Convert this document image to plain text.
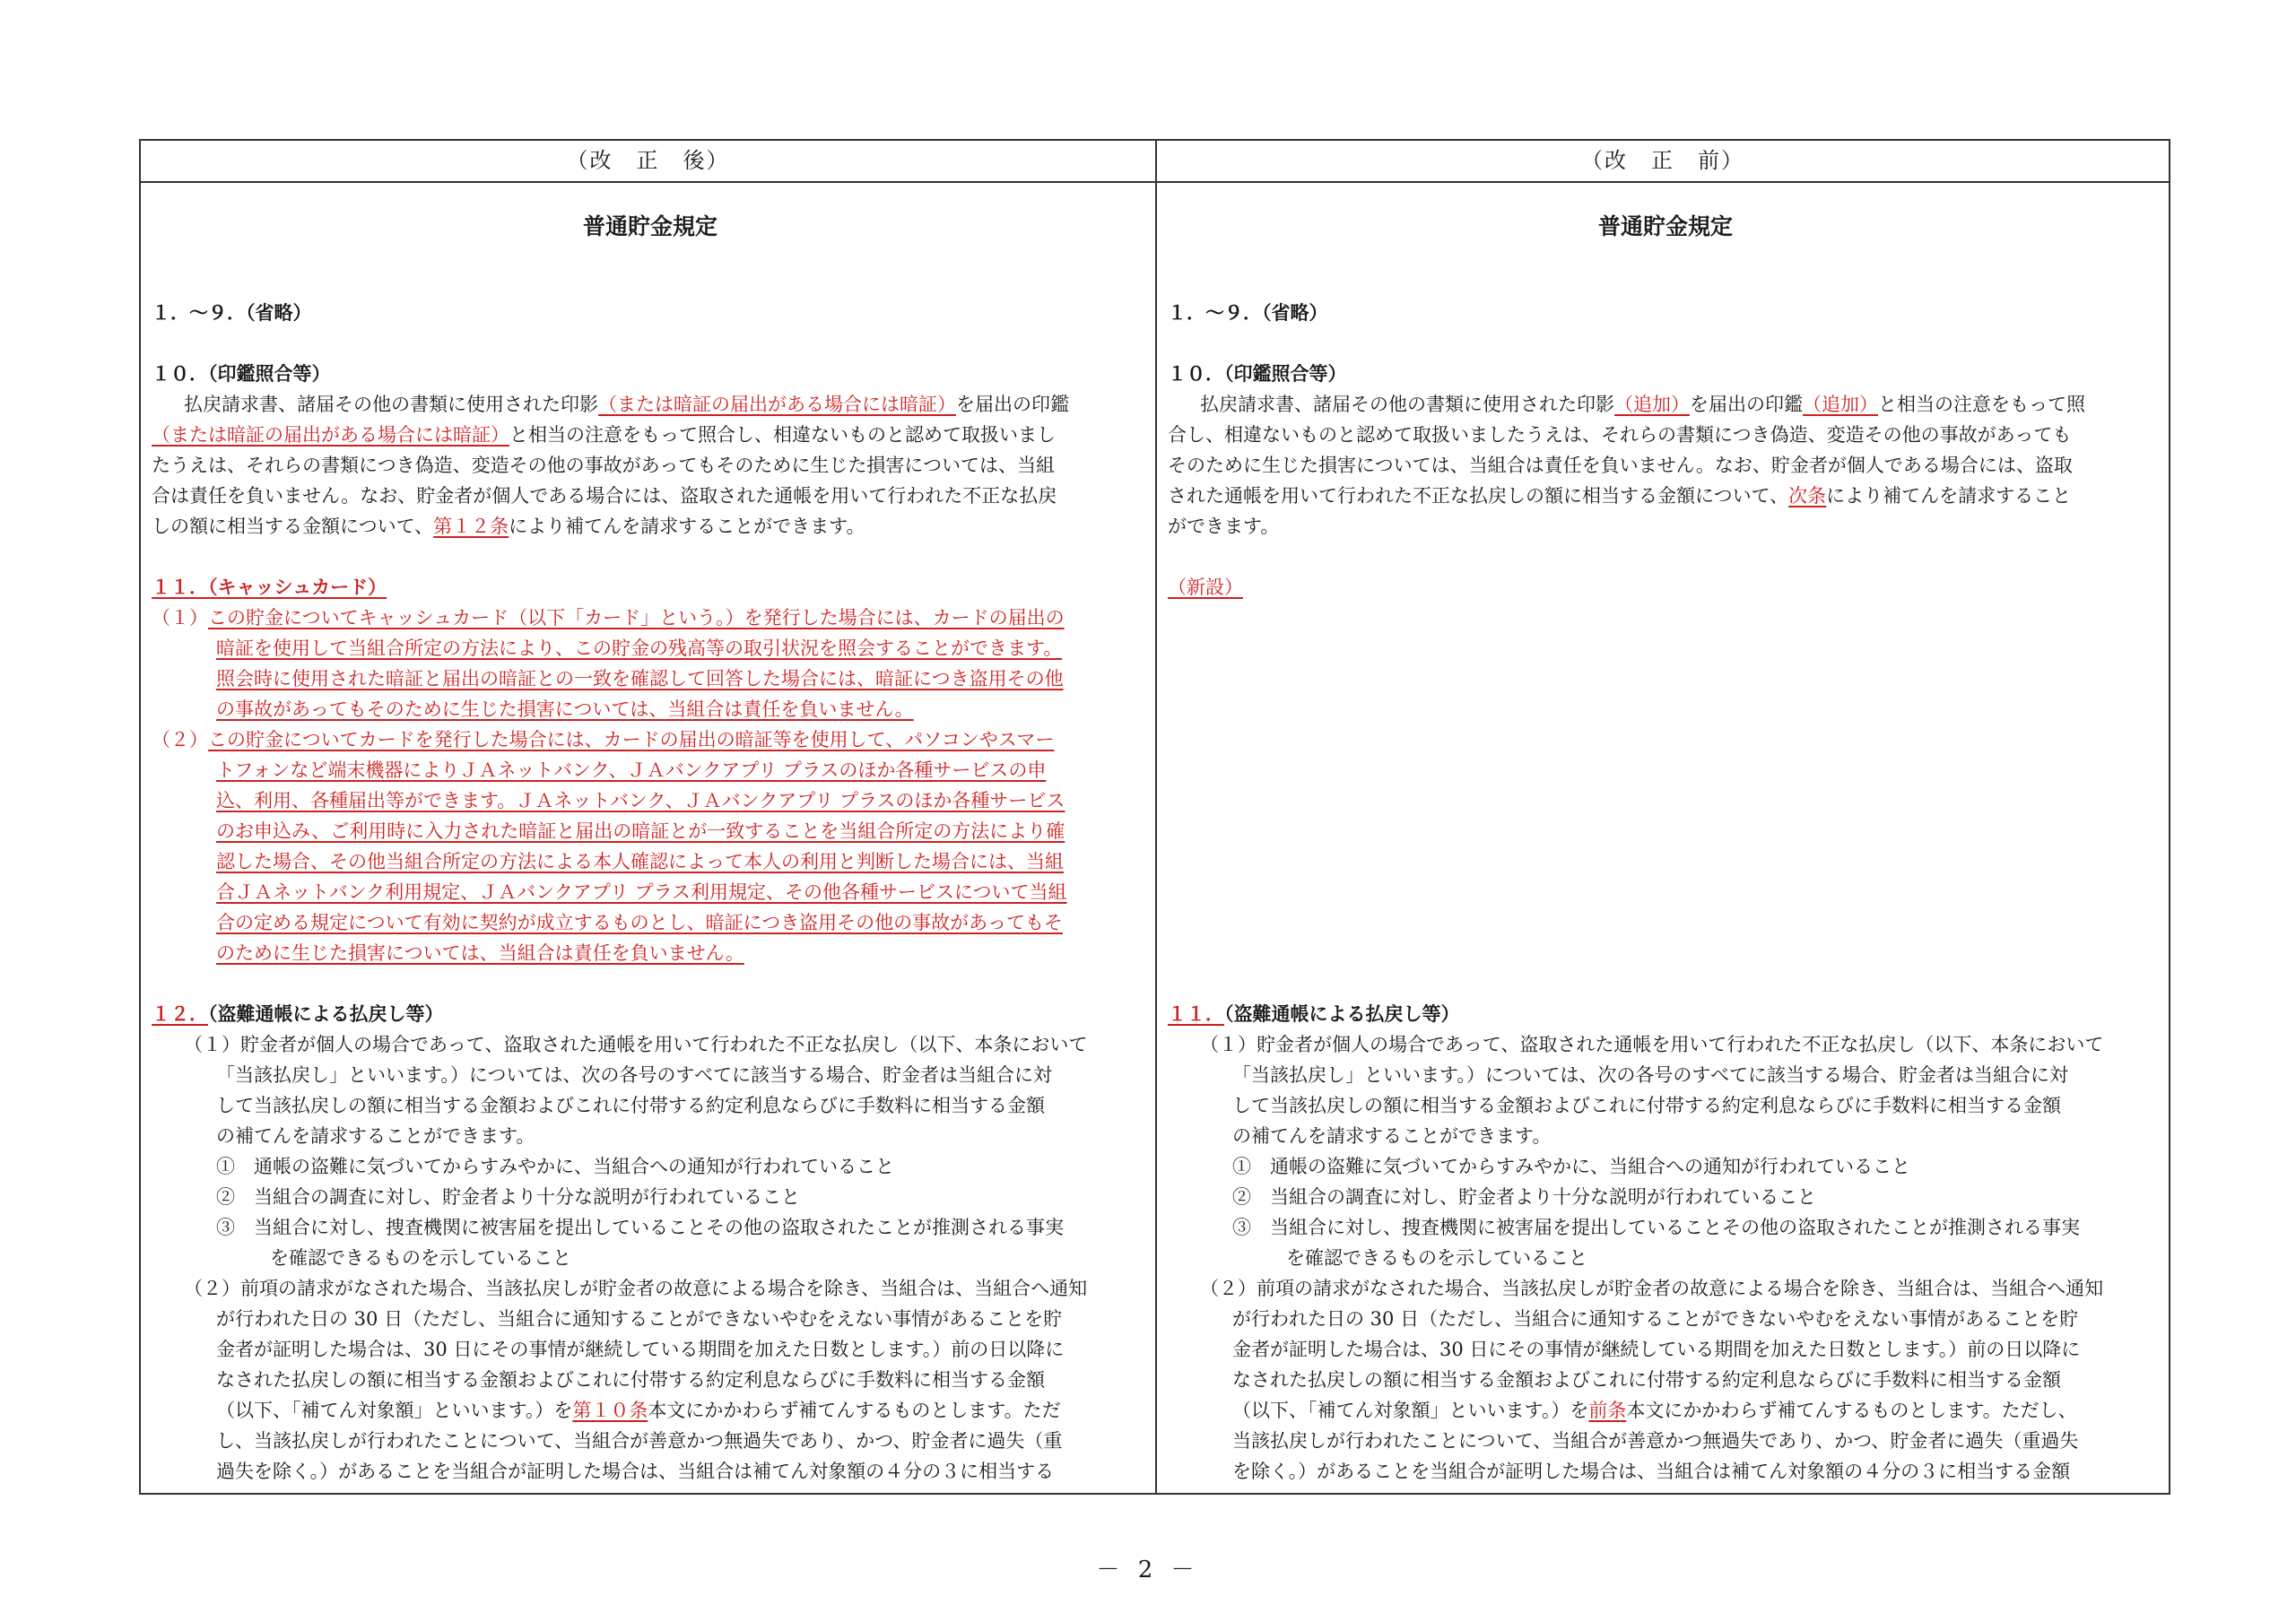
（改　正　後）	（改　正　前）
普通貯金規定
１．～９．（省略）
１０．（印鑑照合等）
払戻請求書、諸届その他の書類に使用された印影（または暗証の届出がある場合には暗証）を届出の印鑑
（または暗証の届出がある場合には暗証）と相当の注意をもって照合し、相違ないものと認めて取扱いまし
たうえは、それらの書類につき偽造、変造その他の事故があってもそのために生じた損害については、当組
合は責任を負いません。なお、貯金者が個人である場合には、盗取された通帳を用いて行われた不正な払戻
しの額に相当する金額について、第１２条により補てんを請求することができます。
１１．（キャッシュカード）
（１）この貯金についてキャッシュカード（以下「カード」という。）を発行した場合には、カードの届出の
暗証を使用して当組合所定の方法により、この貯金の残高等の取引状況を照会することができます。
照会時に使用された暗証と届出の暗証との一致を確認して回答した場合には、暗証につき盗用その他
の事故があってもそのために生じた損害については、当組合は責任を負いません。
（２）この貯金についてカードを発行した場合には、カードの届出の暗証等を使用して、パソコンやスマー
トフォンなど端末機器によりＪＡネットバンク、ＪＡバンクアプリ プラスのほか各種サービスの申
込、利用、各種届出等ができます。ＪＡネットバンク、ＪＡバンクアプリ プラスのほか各種サービス
のお申込み、ご利用時に入力された暗証と届出の暗証とが一致することを当組合所定の方法により確
認した場合、その他当組合所定の方法による本人確認によって本人の利用と判断した場合には、当組
合ＪＡネットバンク利用規定、ＪＡバンクアプリ プラス利用規定、その他各種サービスについて当組
合の定める規定について有効に契約が成立するものとし、暗証につき盗用その他の事故があってもそ
のために生じた損害については、当組合は責任を負いません。
１２．（盗難通帳による払戻し等）
（１）貯金者が個人の場合であって、盗取された通帳を用いて行われた不正な払戻し（以下、本条において
「当該払戻し」といいます。）については、次の各号のすべてに該当する場合、貯金者は当組合に対
して当該払戻しの額に相当する金額およびこれに付帯する約定利息ならびに手数料に相当する金額
の補てんを請求することができます。
①　通帳の盗難に気づいてからすみやかに、当組合への通知が行われていること
②　当組合の調査に対し、貯金者より十分な説明が行われていること
③　当組合に対し、捜査機関に被害届を提出していることその他の盗取されたことが推測される事実
を確認できるものを示していること
（２）前項の請求がなされた場合、当該払戻しが貯金者の故意による場合を除き、当組合は、当組合へ通知
が行われた日の 30 日（ただし、当組合に通知することができないやむをえない事情があることを貯
金者が証明した場合は、30 日にその事情が継続している期間を加えた日数とします。）前の日以降に
なされた払戻しの額に相当する金額およびこれに付帯する約定利息ならびに手数料に相当する金額
（以下、「補てん対象額」といいます。）を第１０条本文にかかわらず補てんするものとします。ただ
し、当該払戻しが行われたことについて、当組合が善意かつ無過失であり、かつ、貯金者に過失（重
過失を除く。）があることを当組合が証明した場合は、当組合は補てん対象額の４分の３に相当する
普通貯金規定
１．～９．（省略）
１０．（印鑑照合等）
払戻請求書、諸届その他の書類に使用された印影（追加）を届出の印鑑（追加）と相当の注意をもって照
合し、相違ないものと認めて取扱いましたうえは、それらの書類につき偽造、変造その他の事故があっても
そのために生じた損害については、当組合は責任を負いません。なお、貯金者が個人である場合には、盗取
された通帳を用いて行われた不正な払戻しの額に相当する金額について、次条により補てんを請求すること
ができます。
（新設）
１１．（盗難通帳による払戻し等）
（１）貯金者が個人の場合であって、盗取された通帳を用いて行われた不正な払戻し（以下、本条において
「当該払戻し」といいます。）については、次の各号のすべてに該当する場合、貯金者は当組合に対
して当該払戻しの額に相当する金額およびこれに付帯する約定利息ならびに手数料に相当する金額
の補てんを請求することができます。
①　通帳の盗難に気づいてからすみやかに、当組合への通知が行われていること
②　当組合の調査に対し、貯金者より十分な説明が行われていること
③　当組合に対し、捜査機関に被害届を提出していることその他の盗取されたことが推測される事実
を確認できるものを示していること
（２）前項の請求がなされた場合、当該払戻しが貯金者の故意による場合を除き、当組合は、当組合へ通知
が行われた日の 30 日（ただし、当組合に通知することができないやむをえない事情があることを貯
金者が証明した場合は、30 日にその事情が継続している期間を加えた日数とします。）前の日以降に
なされた払戻しの額に相当する金額およびこれに付帯する約定利息ならびに手数料に相当する金額
（以下、「補てん対象額」といいます。）を前条本文にかかわらず補てんするものとします。ただし、
当該払戻しが行われたことについて、当組合が善意かつ無過失であり、かつ、貯金者に過失（重過失
を除く。）があることを当組合が証明した場合は、当組合は補てん対象額の４分の３に相当する金額
－ 2 －
